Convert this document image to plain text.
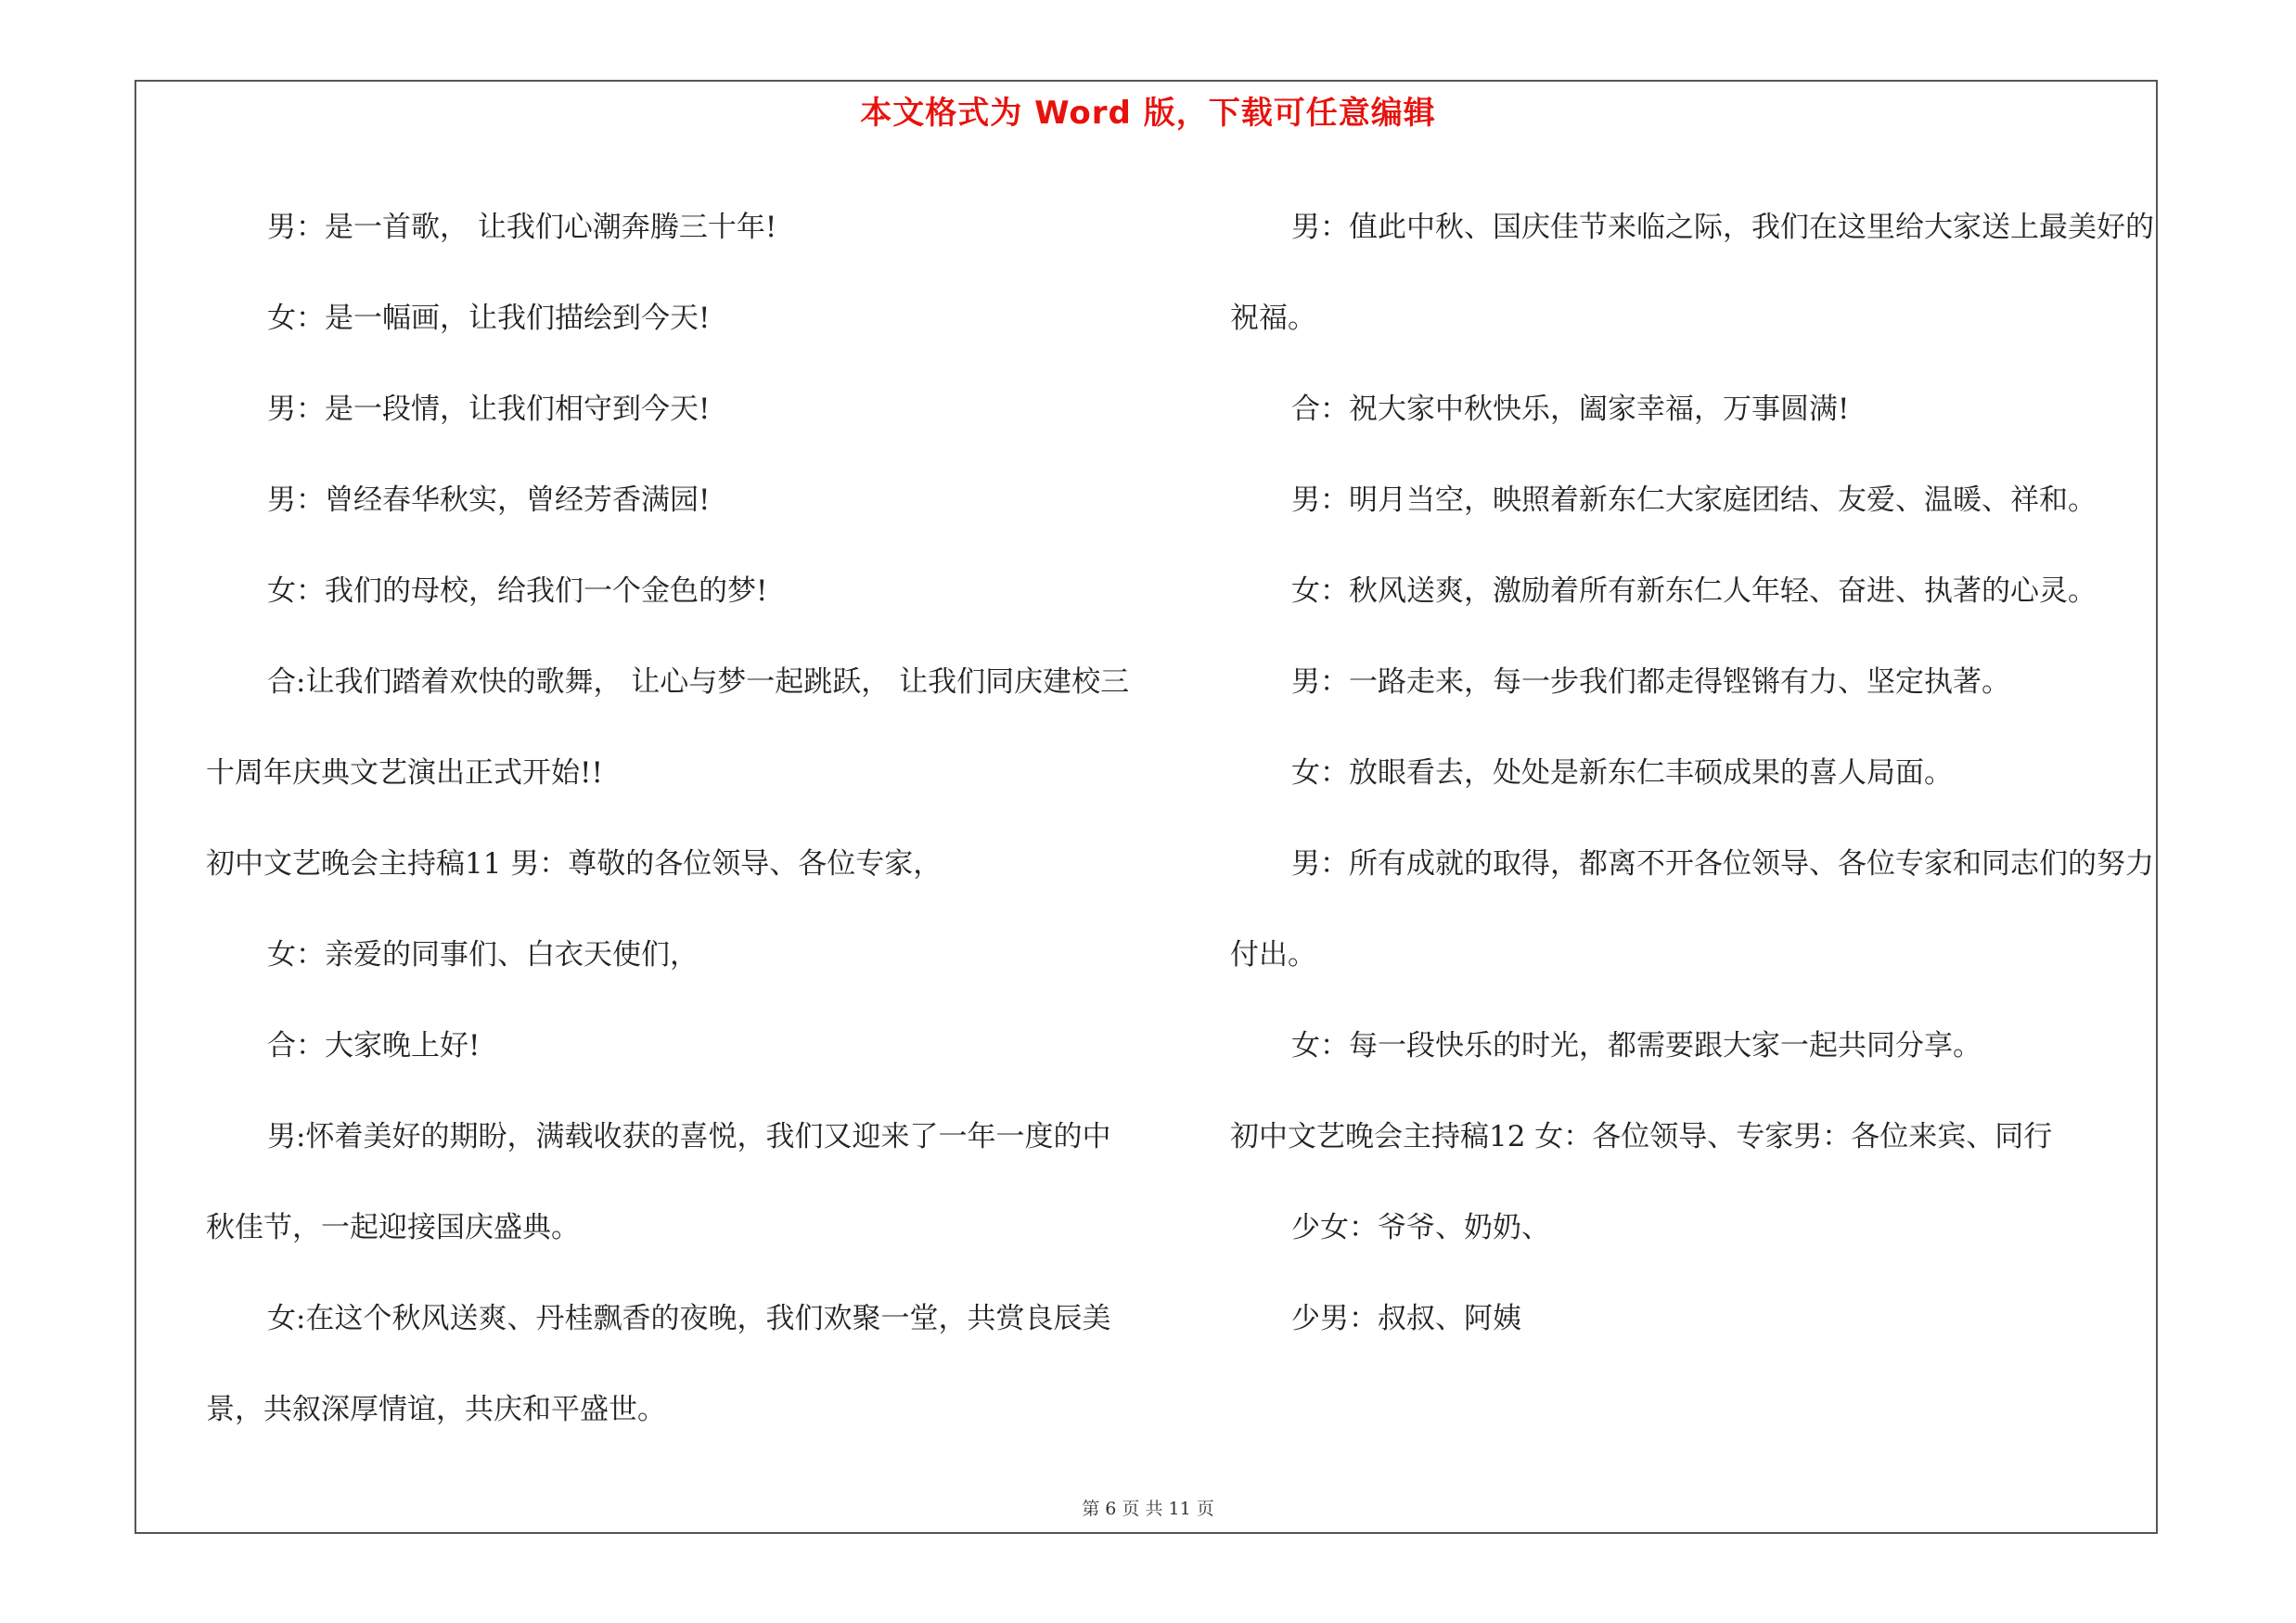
本文格式为 Word 版，下载可任意编辑

男：是一首歌， 让我们心潮奔腾三十年!

女：是一幅画，让我们描绘到今天!

男：是一段情，让我们相守到今天!

男：曾经春华秋实，曾经芳香满园!

女：我们的母校，给我们一个金色的梦!

合:让我们踏着欢快的歌舞， 让心与梦一起跳跃， 让我们同庆建校三十周年庆典文艺演出正式开始!!

初中文艺晚会主持稿11 男：尊敬的各位领导、各位专家，

女：亲爱的同事们、白衣天使们，

合：大家晚上好!

男:怀着美好的期盼，满载收获的喜悦，我们又迎来了一年一度的中秋佳节，一起迎接国庆盛典。

女:在这个秋风送爽、丹桂飘香的夜晚，我们欢聚一堂，共赏良辰美景，共叙深厚情谊，共庆和平盛世。

男：值此中秋、国庆佳节来临之际，我们在这里给大家送上最美好的祝福。

合：祝大家中秋快乐，阖家幸福，万事圆满!

男：明月当空，映照着新东仁大家庭团结、友爱、温暖、祥和。

女：秋风送爽，激励着所有新东仁人年轻、奋进、执著的心灵。

男：一路走来，每一步我们都走得铿锵有力、坚定执著。

女：放眼看去，处处是新东仁丰硕成果的喜人局面。

男：所有成就的取得，都离不开各位领导、各位专家和同志们的努力付出。

女：每一段快乐的时光，都需要跟大家一起共同分享。

初中文艺晚会主持稿12 女：各位领导、专家男：各位来宾、同行

少女：爷爷、奶奶、

少男：叔叔、阿姨

第 6 页 共 11 页
